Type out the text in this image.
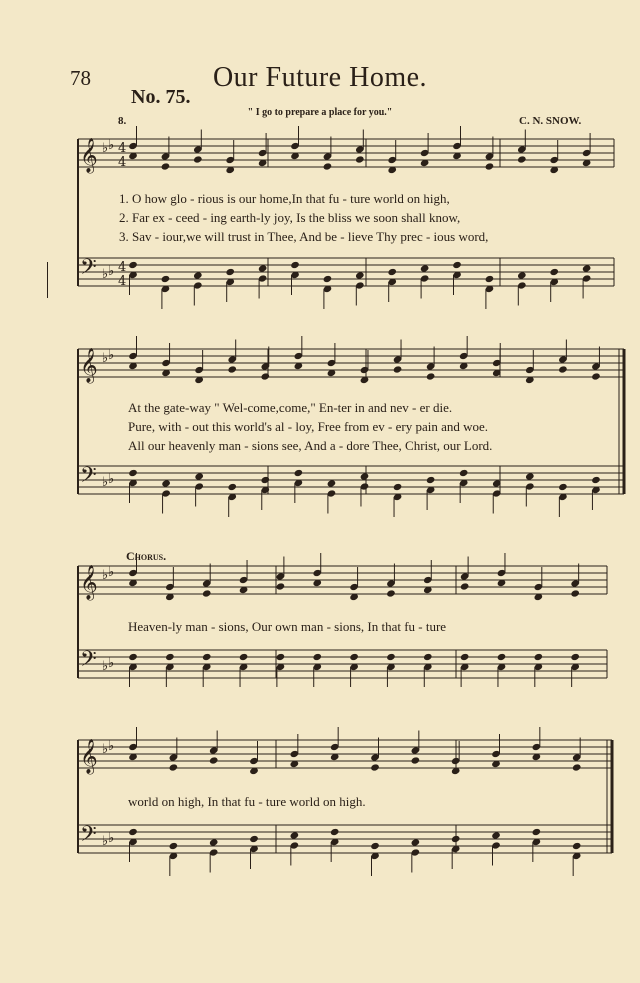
78	Our Future Home.
No. 75.
" I go to prepare a place for you."
8.	C. N. SNOW.
Chorus.
1. O how glo - rious is our home,In that fu - ture world on high,
2. Far ex - ceed - ing earth-ly joy, Is the bliss we soon shall know,
3. Sav - iour,we will trust in Thee, And be - lieve Thy prec - ious word,
At the gate-way " Wel-come,come," En-ter in and nev - er die.
Pure, with - out this world's al - loy, Free from ev - ery pain and woe.
All our heavenly man - sions see, And a - dore Thee, Christ, our Lord.
Heaven-ly man - sions, Our own man - sions, In that fu - ture
world on high, In that fu - ture world on high.
𝄞
𝄢
♭ ♭
♭ ♭
4
4
4
4
𝄞
𝄢
♭ ♭
♭ ♭
𝄞
𝄢
♭ ♭
♭ ♭
𝄞
𝄢
♭ ♭
♭ ♭
